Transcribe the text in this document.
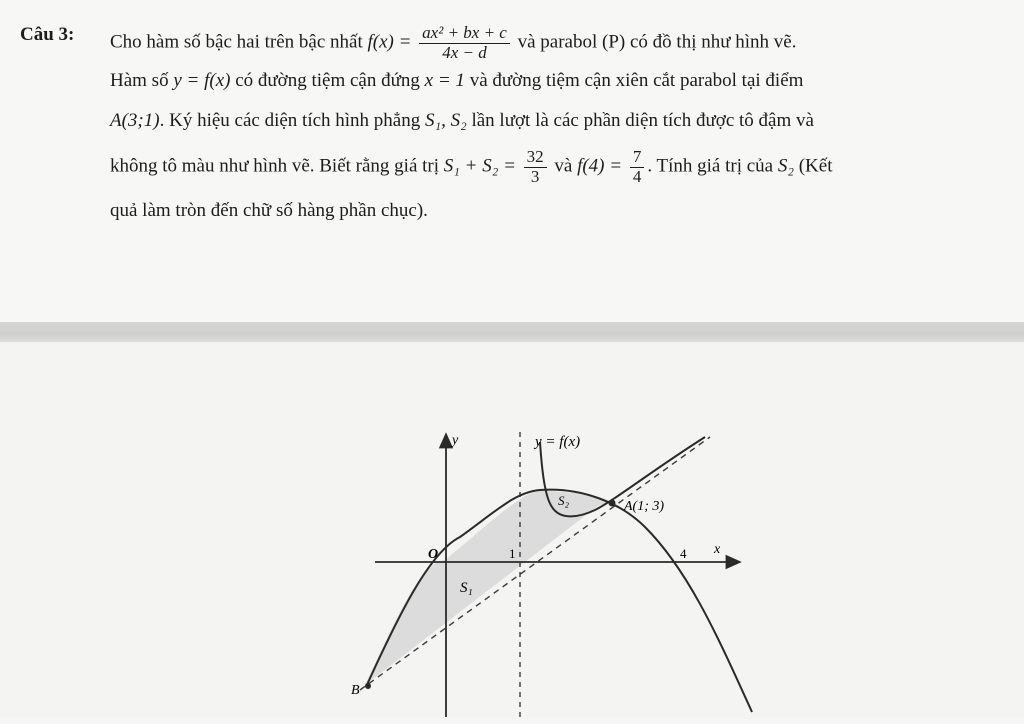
Câu 3: Cho hàm số bậc hai trên bậc nhất $f(x) = \frac{\text{ax² + bx + c}}{4x - d}$ và parabol (P) có đồ thị như hình vẽ.
Hàm số y = f(x) có đường tiệm cận đứng x = 1 và đường tiệm cận xiên cắt parabol tại điểm
A(3;1). Ký hiệu các diện tích hình phẳng S₁, S₂ lần lượt là các phần diện tích được tô đậm và
không tô màu như hình vẽ. Biết rằng giá trị $S_1 + S_2 = \frac{32}{3}$ và $f(4) = \frac{7}{4}$ . Tính giá trị của S₂ (Kết
quả làm tròn đến chữ số hàng phần chục).
y
x
O	1	4
y = f(x)
S₁
S₂	A(1; 3)
B
